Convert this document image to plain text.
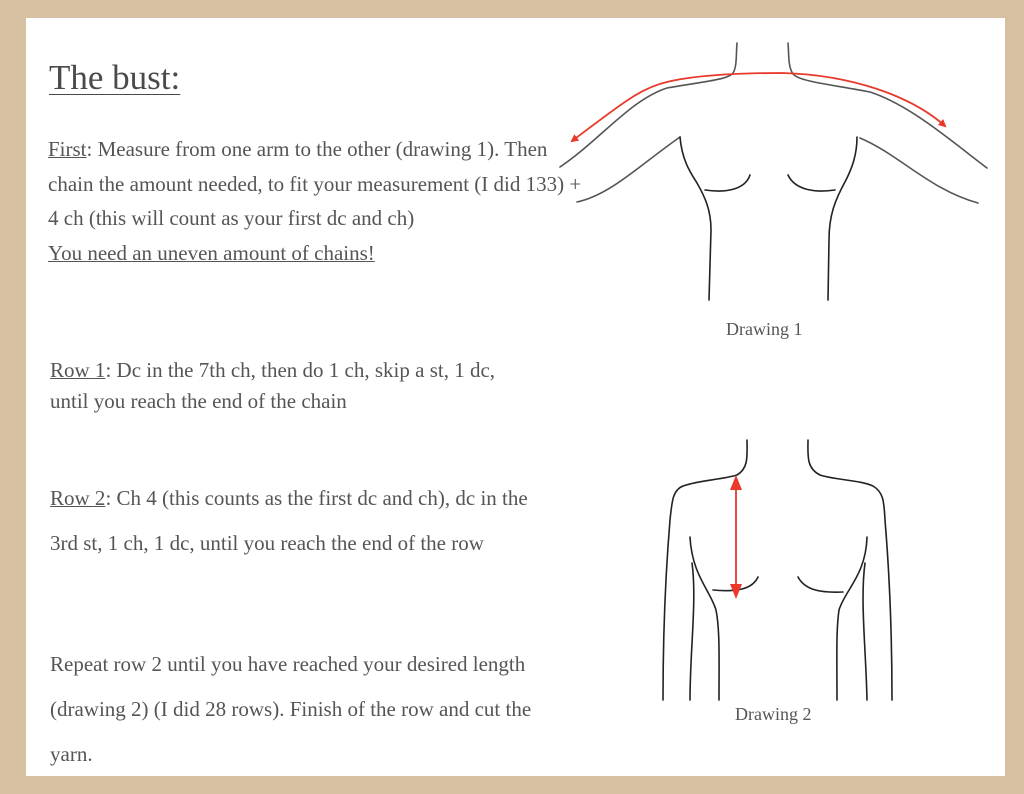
The bust:
First: Measure from one arm to the other (drawing 1). Then chain the amount needed, to fit your measurement (I did 133) + 4 ch (this will count as your first dc and ch)
You need an uneven amount of chains!
Row 1: Dc in the 7th ch, then do 1 ch, skip a st, 1 dc, until you reach the end of the chain
Row 2: Ch 4 (this counts as the first dc and ch), dc in the 3rd st, 1 ch, 1 dc, until you reach the end of the row
Repeat row 2 until you have reached your desired length (drawing 2) (I did 28 rows). Finish of the row and cut the yarn.
Drawing 1
Drawing 2
